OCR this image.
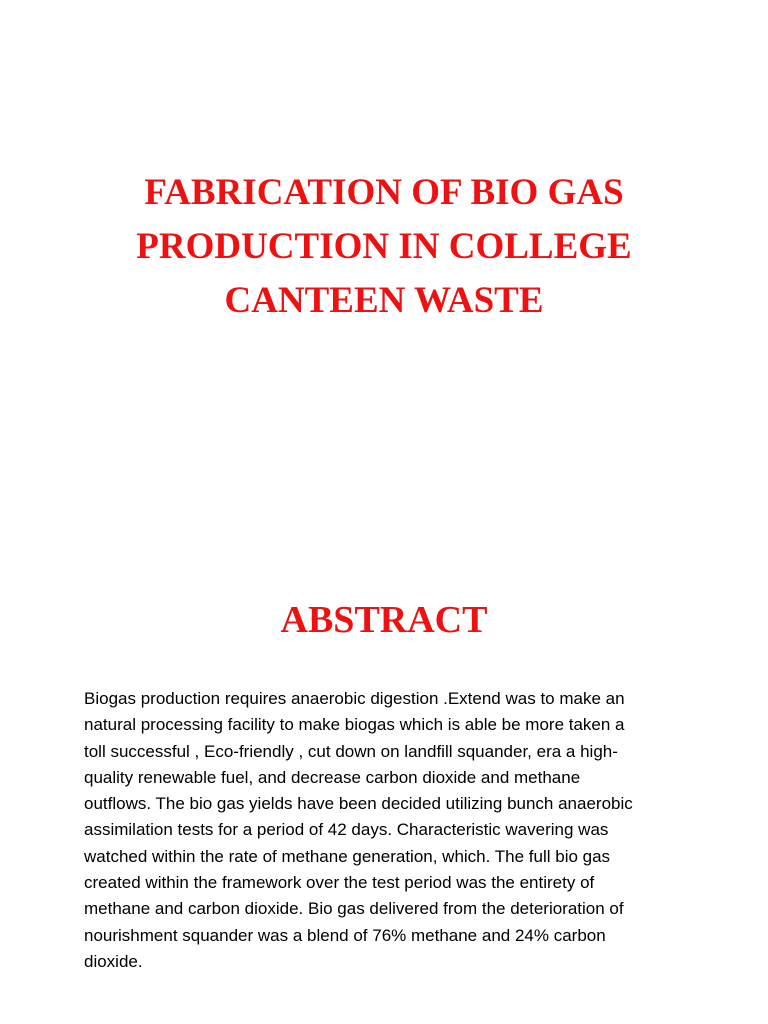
FABRICATION OF BIO GAS
PRODUCTION IN COLLEGE
CANTEEN WASTE
ABSTRACT

Biogas production requires anaerobic digestion .Extend was to make an
natural processing facility to make biogas which is able be more taken a
toll successful , Eco-friendly , cut down on landfill squander, era a high-
quality renewable fuel, and decrease carbon dioxide and methane
outflows. The bio gas yields have been decided utilizing bunch anaerobic
assimilation tests for a period of 42 days. Characteristic wavering was
watched within the rate of methane generation, which. The full bio gas
created within the framework over the test period was the entirety of
methane and carbon dioxide. Bio gas delivered from the deterioration of
nourishment squander was a blend of 76% methane and 24% carbon
dioxide.
